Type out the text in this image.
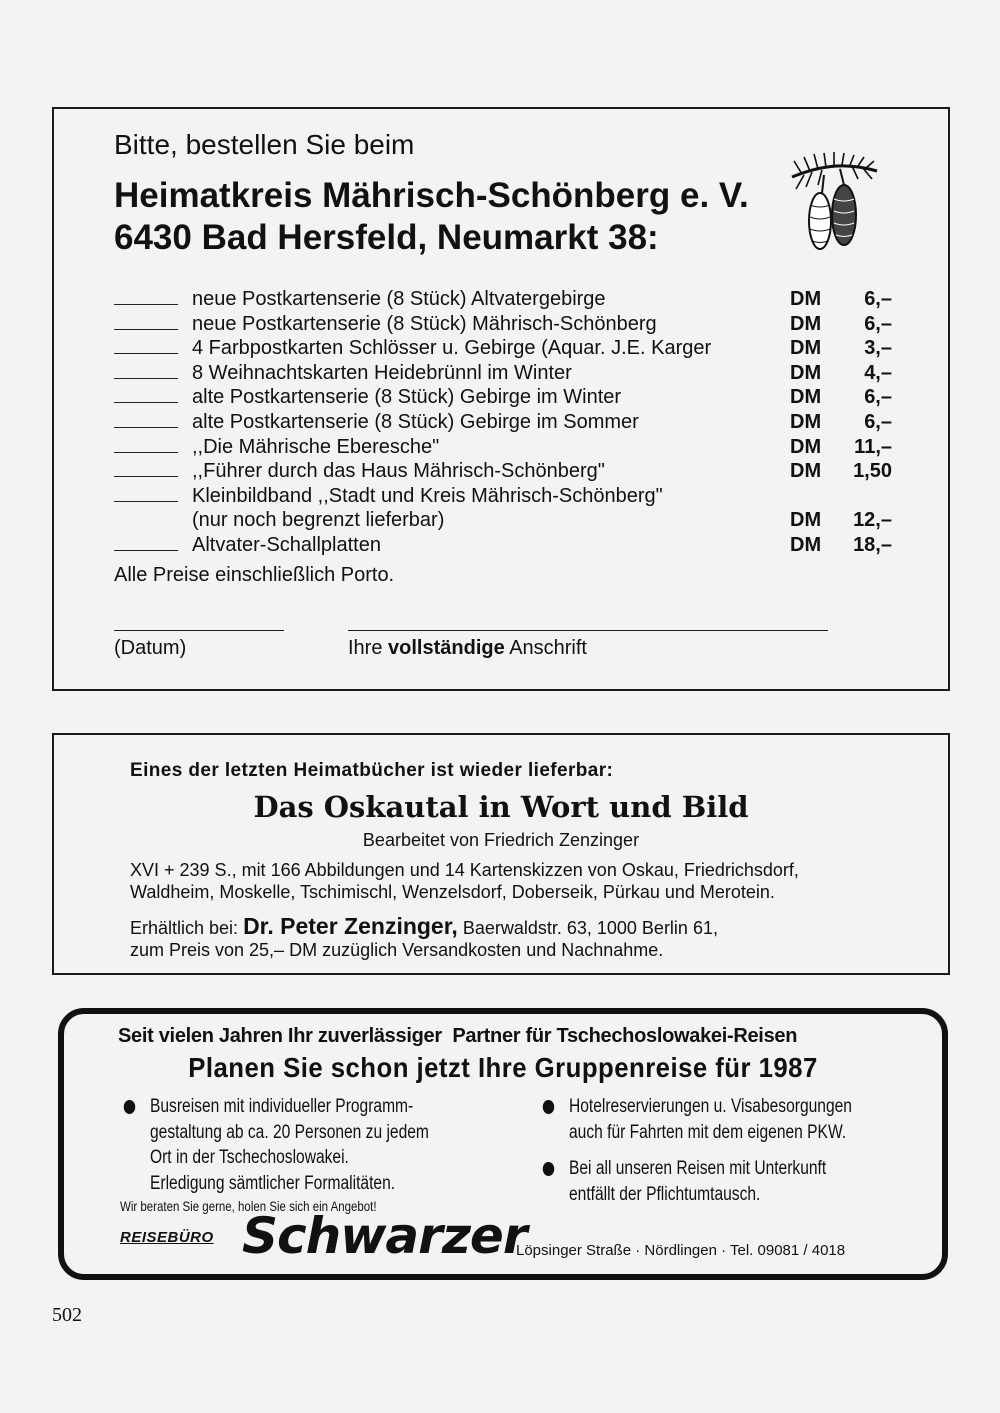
Bitte, bestellen Sie beim
Heimatkreis Mährisch-Schönberg e. V.
6430 Bad Hersfeld, Neumarkt 38:
neue Postkartenserie (8 Stück) Altvatergebirge	DM	6,–
neue Postkartenserie (8 Stück) Mährisch-Schönberg	DM	6,–
4 Farbpostkarten Schlösser u. Gebirge (Aquar. J.E. Karger	DM	3,–
8 Weihnachtskarten Heidebrünnl im Winter	DM	4,–
alte Postkartenserie (8 Stück) Gebirge im Winter	DM	6,–
alte Postkartenserie (8 Stück) Gebirge im Sommer	DM	6,–
,,Die Mährische Eberesche"	DM	11,–
,,Führer durch das Haus Mährisch-Schönberg"	DM	1,50
Kleinbildband ,,Stadt und Kreis Mährisch-Schönberg"
(nur noch begrenzt lieferbar)	DM	12,–
Altvater-Schallplatten	DM	18,–
Alle Preise einschließlich Porto.
(Datum)	Ihre vollständige Anschrift
Eines der letzten Heimatbücher ist wieder lieferbar:
Das Oskautal in Wort und Bild
Bearbeitet von Friedrich Zenzinger
XVI + 239 S., mit 166 Abbildungen und 14 Kartenskizzen von Oskau, Friedrichsdorf,
Waldheim, Moskelle, Tschimischl, Wenzelsdorf, Doberseik, Pürkau und Merotein.
Erhältlich bei: Dr. Peter Zenzinger, Baerwaldstr. 63, 1000 Berlin 61,
zum Preis von 25,– DM zuzüglich Versandkosten und Nachnahme.
Seit vielen Jahren Ihr zuverlässiger Partner für Tschechoslowakei-Reisen
Planen Sie schon jetzt Ihre Gruppenreise für 1987
Busreisen mit individueller Programm-
gestaltung ab ca. 20 Personen zu jedem
Ort in der Tschechoslowakei.
Erledigung sämtlicher Formalitäten.
Hotelreservierungen u. Visabesorgungen
auch für Fahrten mit dem eigenen PKW.
Bei all unseren Reisen mit Unterkunft
entfällt der Pflichtumtausch.
Wir beraten Sie gerne, holen Sie sich ein Angebot!
REISEBÜRO Schwarzer
Löpsinger Straße · Nördlingen · Tel. 09081 / 4018
502
